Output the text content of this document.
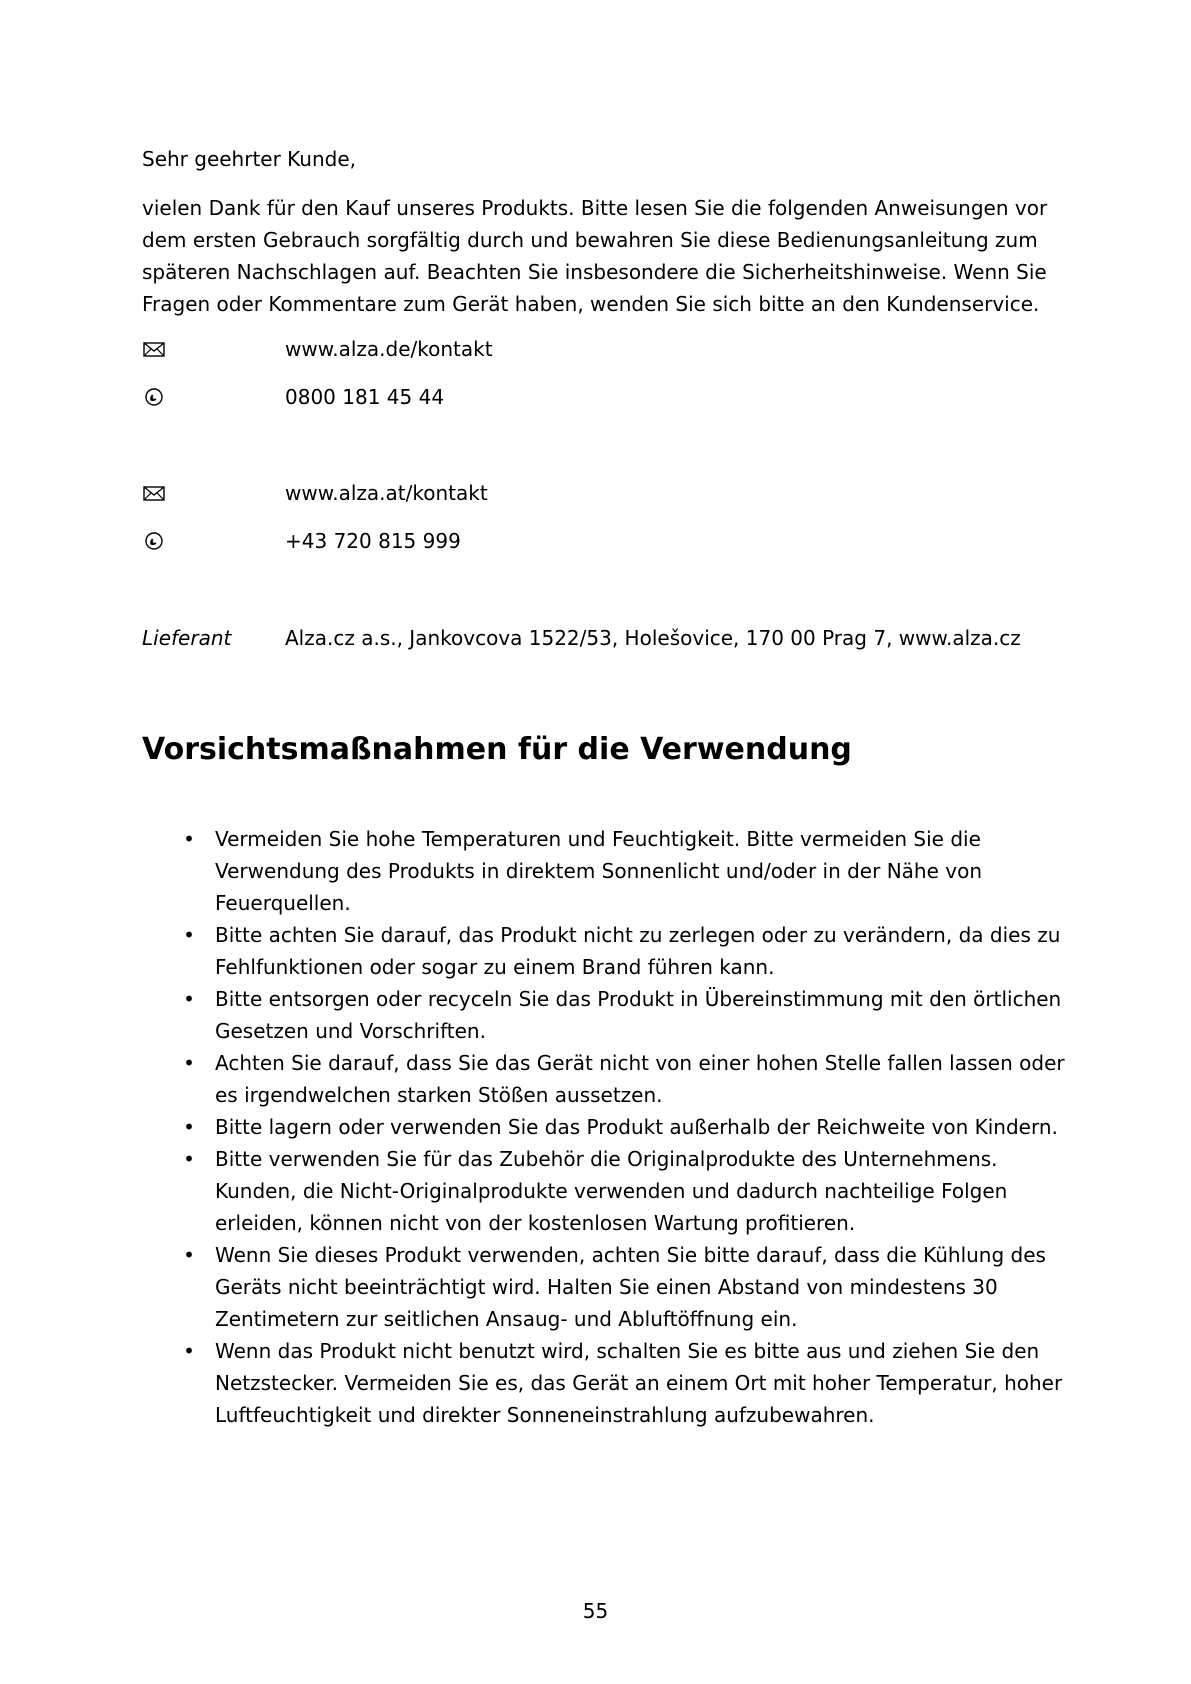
Sehr geehrter Kunde,
vielen Dank für den Kauf unseres Produkts. Bitte lesen Sie die folgenden Anweisungen vor
dem ersten Gebrauch sorgfältig durch und bewahren Sie diese Bedienungsanleitung zum
späteren Nachschlagen auf. Beachten Sie insbesondere die Sicherheitshinweise. Wenn Sie
Fragen oder Kommentare zum Gerät haben, wenden Sie sich bitte an den Kundenservice.
www.alza.de/kontakt
0800 181 45 44
www.alza.at/kontakt
+43 720 815 999
Lieferant	Alza.cz a.s., Jankovcova 1522/53, Holešovice, 170 00 Prag 7, www.alza.cz
Vorsichtsmaßnahmen für die Verwendung
• Vermeiden Sie hohe Temperaturen und Feuchtigkeit. Bitte vermeiden Sie die
Verwendung des Produkts in direktem Sonnenlicht und/oder in der Nähe von
Feuerquellen.
• Bitte achten Sie darauf, das Produkt nicht zu zerlegen oder zu verändern, da dies zu
Fehlfunktionen oder sogar zu einem Brand führen kann.
• Bitte entsorgen oder recyceln Sie das Produkt in Übereinstimmung mit den örtlichen
Gesetzen und Vorschriften.
• Achten Sie darauf, dass Sie das Gerät nicht von einer hohen Stelle fallen lassen oder
es irgendwelchen starken Stößen aussetzen.
• Bitte lagern oder verwenden Sie das Produkt außerhalb der Reichweite von Kindern.
• Bitte verwenden Sie für das Zubehör die Originalprodukte des Unternehmens.
Kunden, die Nicht-Originalprodukte verwenden und dadurch nachteilige Folgen
erleiden, können nicht von der kostenlosen Wartung profitieren.
• Wenn Sie dieses Produkt verwenden, achten Sie bitte darauf, dass die Kühlung des
Geräts nicht beeinträchtigt wird. Halten Sie einen Abstand von mindestens 30
Zentimetern zur seitlichen Ansaug- und Abluftöffnung ein.
• Wenn das Produkt nicht benutzt wird, schalten Sie es bitte aus und ziehen Sie den
Netzstecker. Vermeiden Sie es, das Gerät an einem Ort mit hoher Temperatur, hoher
Luftfeuchtigkeit und direkter Sonneneinstrahlung aufzubewahren.
55
